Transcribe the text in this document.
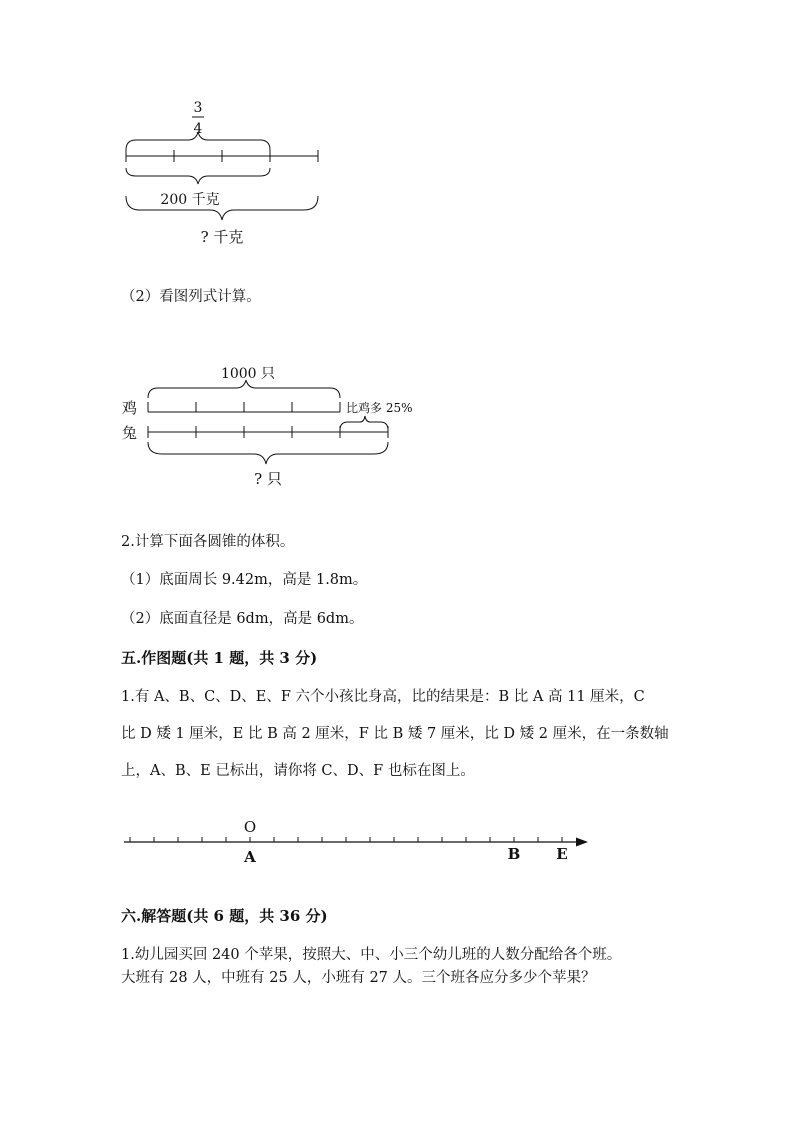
3
4
200 千克
? 千克
（2）看图列式计算。
1000 只
鸡	比鸡多 25%
兔
? 只
2.计算下面各圆锥的体积。
（1）底面周长 9.42m，高是 1.8m。
（2）底面直径是 6dm，高是 6dm。
五.作图题(共 1 题，共 3 分)
1.有 A、B、C、D、E、F 六个小孩比身高，比的结果是：B 比 A 高 11 厘米，C
比 D 矮 1 厘米，E 比 B 高 2 厘米，F 比 B 矮 7 厘米，比 D 矮 2 厘米，在一条数轴
上，A、B、E 已标出，请你将 C、D、F 也标在图上。
O
A	B E
六.解答题(共 6 题，共 36 分)
1.幼儿园买回 240 个苹果，按照大、中、小三个幼儿班的人数分配给各个班。
大班有 28 人，中班有 25 人，小班有 27 人。三个班各应分多少个苹果？
